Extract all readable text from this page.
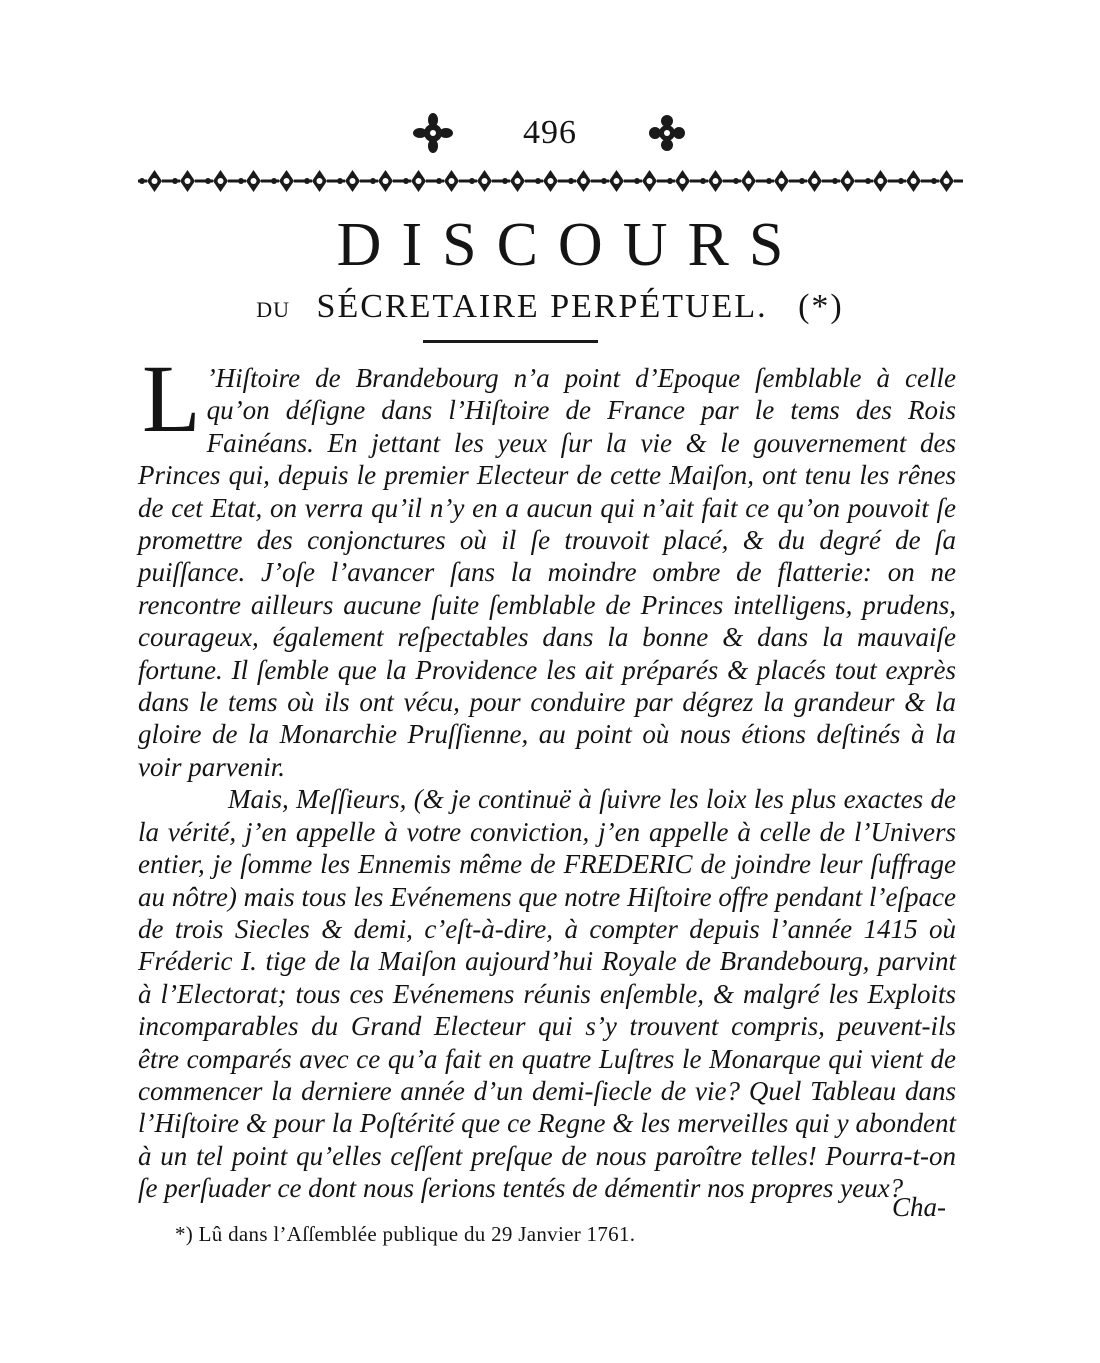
496
DISCOURS
DU SÉCRETAIRE PERPÉTUEL. (*)

L ’Hiſtoire de Brandebourg n’a point d’Epoque ſemblable à celle qu’on déſigne dans l’Hiſtoire de France par le tems des Rois Fainéans. En jettant les yeux ſur la vie & le gouvernement des Princes qui, depuis le premier Electeur de cette Maiſon, ont tenu les rênes de cet Etat, on verra qu’il n’y en a aucun qui n’ait fait ce qu’on pouvoit ſe promettre des conjonctures où il ſe trouvoit placé, & du degré de ſa puiſſance. J’oſe l’avancer ſans la moindre ombre de flatterie: on ne rencontre ailleurs aucune ſuite ſemblable de Princes intelligens, prudens, courageux, également reſpectables dans la bonne & dans la mauvaiſe fortune. Il ſemble que la Providence les ait préparés & placés tout exprès dans le tems où ils ont vécu, pour conduire par dégrez la grandeur & la gloire de la Monarchie Pruſſienne, au point où nous étions deſtinés à la voir parvenir.

Mais, Meſſieurs, (& je continuë à ſuivre les loix les plus exactes de la vérité, j’en appelle à votre conviction, j’en appelle à celle de l’Univers entier, je ſomme les Ennemis même de FREDERIC de joindre leur ſuffrage au nôtre) mais tous les Evénemens que notre Hiſtoire offre pendant l’eſpace de trois Siecles & demi, c’eſt-à-dire, à compter depuis l’année 1415 où Fréderic I. tige de la Maiſon aujourd’hui Royale de Brandebourg, parvint à l’Electorat; tous ces Evénemens réunis enſemble, & malgré les Exploits incomparables du Grand Electeur qui s’y trouvent compris, peuvent-ils être comparés avec ce qu’a fait en quatre Luſtres le Monarque qui vient de commencer la derniere année d’un demi-ſiecle de vie? Quel Tableau dans l’Hiſtoire & pour la Poſtérité que ce Regne & les merveilles qui y abondent à un tel point qu’elles ceſſent preſque de nous paroître telles! Pourra-t-on ſe perſuader ce dont nous ſerions tentés de démentir nos propres yeux?

Cha-
*) Lû dans l’Aſſemblée publique du 29 Janvier 1761.
